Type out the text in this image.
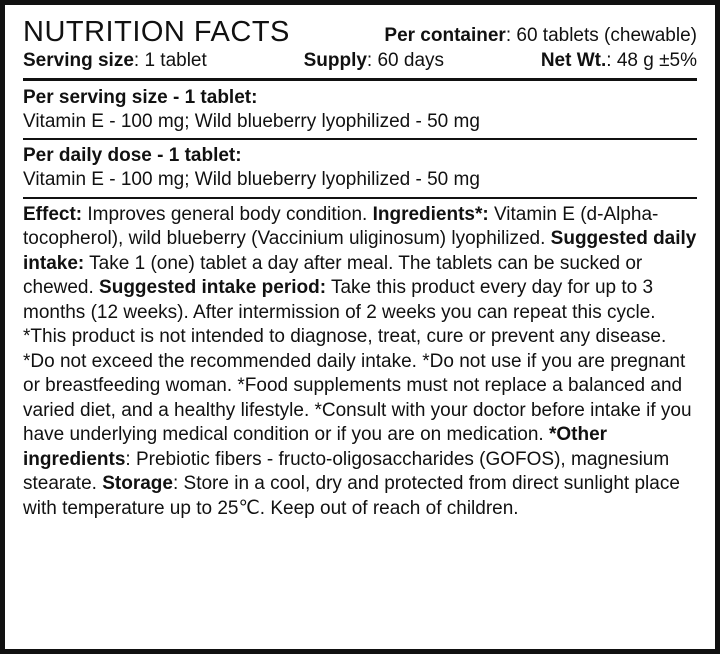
NUTRITION FACTS	Per container: 60 tablets (chewable)
Serving size: 1 tablet	Supply: 60 days	Net Wt.: 48 g ±5%
Per serving size - 1 tablet:
Vitamin E - 100 mg; Wild blueberry lyophilized - 50 mg
Per daily dose - 1 tablet:
Vitamin E - 100 mg; Wild blueberry lyophilized - 50 mg
Effect: Improves general body condition. Ingredients*: Vitamin E (d-Alpha-tocopherol), wild blueberry (Vaccinium uliginosum) lyophilized. Suggested daily intake: Take 1 (one) tablet a day after meal. The tablets can be sucked or chewed. Suggested intake period: Take this product every day for up to 3 months (12 weeks). After intermission of 2 weeks you can repeat this cycle. *This product is not intended to diagnose, treat, cure or prevent any disease. *Do not exceed the recommended daily intake. *Do not use if you are pregnant or breastfeeding woman. *Food supplements must not replace a balanced and varied diet, and a healthy lifestyle. *Consult with your doctor before intake if you have underlying medical condition or if you are on medication. *Other ingredients: Prebiotic fibers - fructo-oligosaccharides (GOFOS), magnesium stearate. Storage: Store in a cool, dry and protected from direct sunlight place with temperature up to 25℃. Keep out of reach of children.
